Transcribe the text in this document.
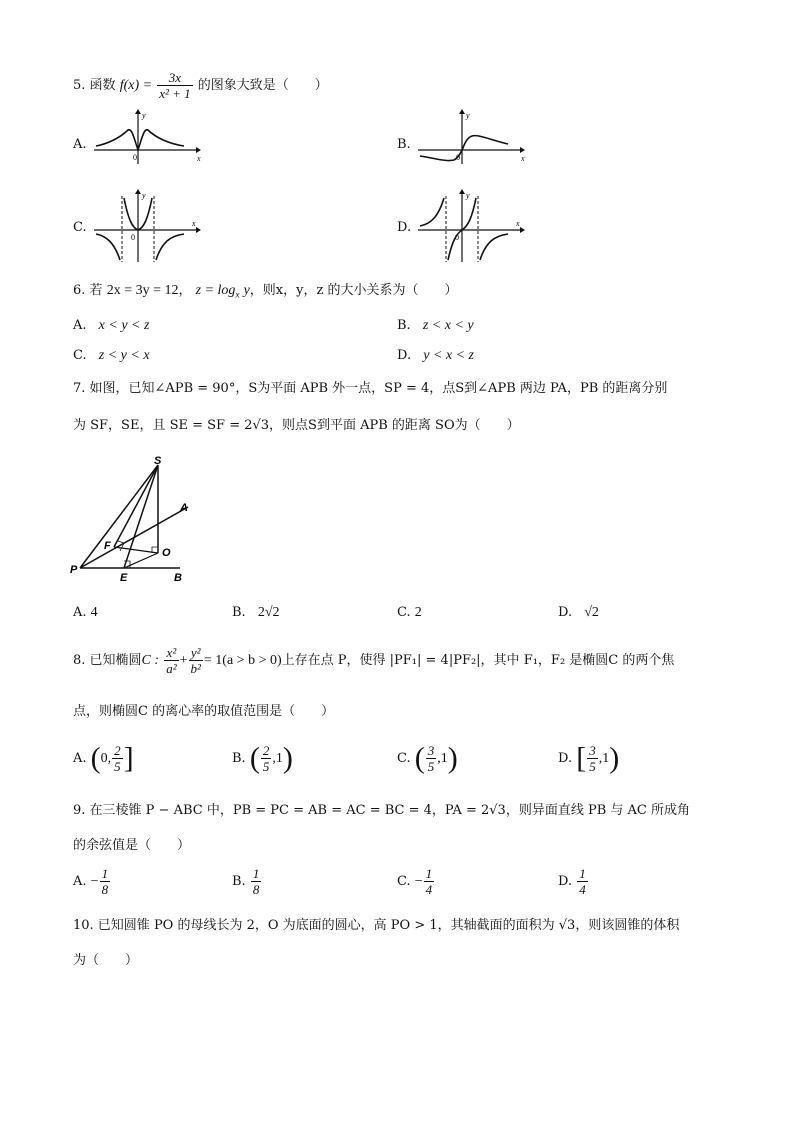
5. 函数 $f(x) = \frac{3x}{\text{x² + 1}}$ 的图象大致是（　　）
A.
y
x
0
B.
y
x
0
C.
y
x
0
D.
y
x
0
6. 若 2x = 3y = 12， $z = \log_x y$，则x，y，z 的大小关系为（　　）
A. x < y < z	B. z < x < y
C. z < y < x	D. y < x < z
7. 如图，已知∠APB = 90°，S为平面 APB 外一点，SP = 4，点S到∠APB 两边 PA，PB 的距离分别
为 SF，SE，且 SE = SF = 2√3，则点S到平面 APB 的距离 SO为（　　）
S
A
F
O
P
E	B
A. 4	B. 2√2	C. 2	D. √2
8. 已知椭圆C : $\frac{\text{x²}}{\text{a²}} + \frac{\text{y²}}{\text{b²}} = 1(a > b > 0)$上存在点 P，使得 |PF₁| = 4|PF₂|，其中 F₁，F₂ 是椭圆C 的两个焦
点，则椭圆C 的离心率的取值范围是（　　）
A. (0, $\frac{2}{5}$ ]	B. ( $\frac{2}{5} ,1$)	C. ( $\frac{3}{5} ,1$)	D. [ $\frac{3}{5} ,1$)
9. 在三棱锥 P − ABC 中，PB = PC = AB = AC = BC = 4，PA = 2√3，则异面直线 PB 与 AC 所成角
的余弦值是（　　）
A. − $\frac{1}{8}$	B. $\frac{1}{8}$	C. − $\frac{1}{4}$	D. $\frac{1}{4}$
10. 已知圆锥 PO 的母线长为 2，O 为底面的圆心，高 PO > 1，其轴截面的面积为 √3，则该圆锥的体积
为（　　）
